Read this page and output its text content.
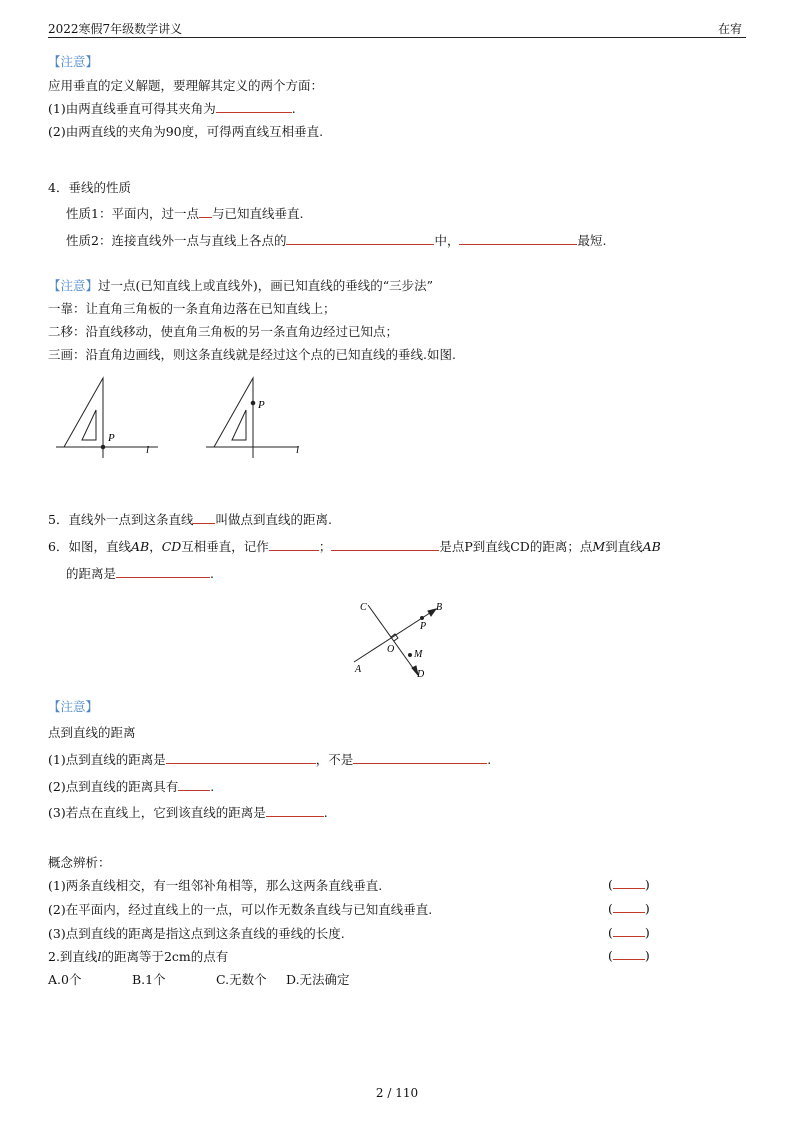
2022寒假7年级数学讲义	在宥
【注意】
应用垂直的定义解题，要理解其定义的两个方面：
(1)由两直线垂直可得其夹角为	.
(2)由两直线的夹角为90度，可得两直线互相垂直.
4．垂线的性质
性质1：平面内，过一点 与已知直线垂直.
性质2：连接直线外一点与直线上各点的	中，	最短.
【注意】过一点(已知直线上或直线外)，画已知直线的垂线的“三步法”
一靠：让直角三角板的一条直角边落在已知直线上；
二移：沿直线移动，使直角三角板的另一条直角边经过已知点；
三画：沿直角边画线，则这条直线就是经过这个点的已知直线的垂线.如图.
P
l
P
l
5．直线外一点到这条直线 叫做点到直线的距离.
6．如图，直线AB，CD互相垂直，记作	；	是点P到直线CD的距离；点M到直线AB
的距离是	.
C	B
P
O M
A	D
【注意】
点到直线的距离
(1)点到直线的距离是	，不是	.
(2)点到直线的距离具有	.
(3)若点在直线上，它到该直线的距离是	.
概念辨析：
(1)两条直线相交，有一组邻补角相等，那么这两条直线垂直.
(2)在平面内，经过直线上的一点，可以作无数条直线与已知直线垂直.
(3)点到直线的距离是指这点到这条直线的垂线的长度.
2.到直线l的距离等于2cm的点有
(	)
(	)
(	)
(	)
A.0个	B.1个	C.无数个 D.无法确定
2 / 110
